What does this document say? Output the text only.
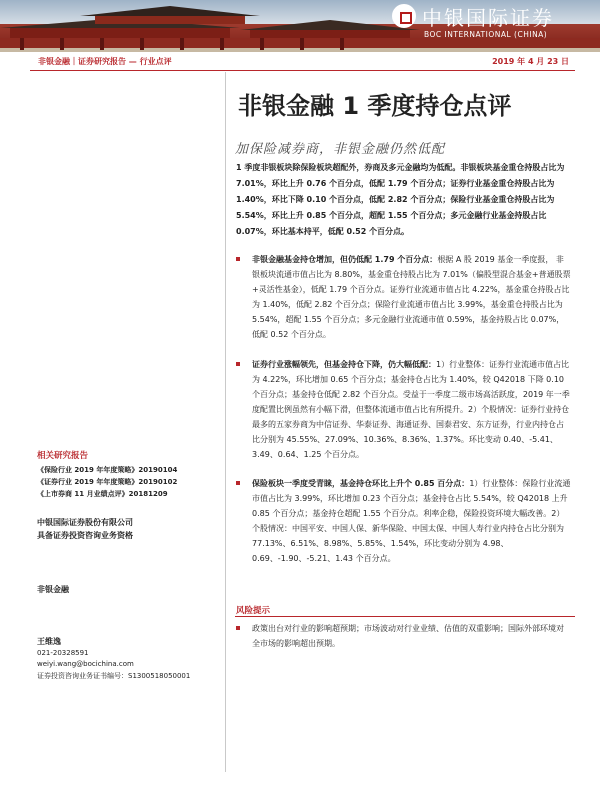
中银国际证券
BOC INTERNATIONAL (CHINA)
非银金融｜证券研究报告 — 行业点评	2019 年 4 月 23 日
相关研究报告
《保险行业 2019 年年度策略》20190104
《证券行业 2019 年年度策略》20190102
《上市券商 11 月业绩点评》20181209
中银国际证券股份有限公司
具备证券投资咨询业务资格
非银金融
王维逸
021-20328591
weiyi.wang@bocichina.com
证券投资咨询业务证书编号：S1300518050001
非银金融 1 季度持仓点评
加保险减券商，非银金融仍然低配
1 季度非银板块除保险板块超配外，券商及多元金融均为低配。非银板块基金重仓持股占比为 7.01%，环比上升 0.76 个百分点，低配 1.79 个百分点；证券行业基金重仓持股占比为 1.40%，环比下降 0.10 个百分点，低配 2.82 个百分点；保险行业基金重仓持股占比为 5.54%，环比上升 0.85 个百分点，超配 1.55 个百分点；多元金融行业基金持股占比 0.07%，环比基本持平，低配 0.52 个百分点。
非银金融基金持仓增加，但仍低配 1.79 个百分点：根据 A 股 2019 基金一季度报， 非银板块流通市值占比为 8.80%，基金重仓持股占比为 7.01%（偏股型混合基金+普通股票+灵活性基金），低配 1.79 个百分点。证券行业流通市值占比 4.22%，基金重仓持股占比为 1.40%，低配 2.82 个百分点；保险行业流通市值占比 3.99%，基金重仓持股占比为 5.54%，超配 1.55 个百分点；多元金融行业流通市值 0.59%，基金持股占比 0.07%，低配 0.52 个百分点。
证券行业涨幅领先，但基金持仓下降，仍大幅低配：1）行业整体：证券行业流通市值占比为 4.22%，环比增加 0.65 个百分点；基金持仓占比为 1.40%，较 Q42018 下降 0.10 个百分点；基金持仓低配 2.82 个百分点。受益于一季度二级市场高活跃度，2019 年一季度配置比例虽然有小幅下滑，但整体流通市值占比有所提升。2）个股情况：证券行业持仓最多的五家券商为中信证券、华泰证券、海通证券、国泰君安、东方证券，行业内持仓占比分别为 45.55%、27.09%、10.36%、8.36%、1.37%。环比变动 0.40、-5.41、3.49、0.64、1.25 个百分点。
保险板块一季度受青睐，基金持仓环比上升个 0.85 百分点：1）行业整体：保险行业流通市值占比为 3.99%，环比增加 0.23 个百分点；基金持仓占比 5.54%，较 Q42018 上升 0.85 个百分点；基金持仓超配 1.55 个百分点。利率企稳，保险投资环境大幅改善。2）个股情况：中国平安、中国人保、新华保险、中国太保、中国人寿行业内持仓占比分别为 77.13%、6.51%、8.98%、5.85%、1.54%，环比变动分别为 4.98、0.69、-1.90、-5.21、1.43 个百分点。
风险提示
政策出台对行业的影响超预期；市场波动对行业业绩、估值的双重影响；国际外部环境对全市场的影响超出预期。
